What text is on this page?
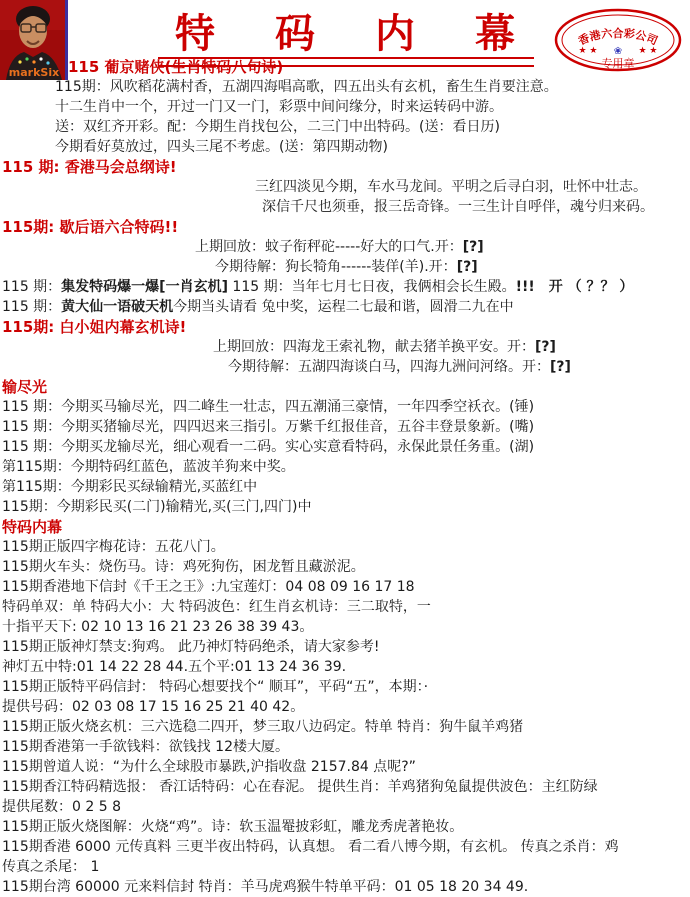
markSix
特码内幕 香港六合彩公司
★ ★ ❀ ★ ★
专用章
115 葡京赌侠(生肖特码八句诗)
115期：风吹稻花满村香，五湖四海唱高歌，四五出头有玄机，畜生生肖要注意。
十二生肖中一个，开过一门又一门，彩票中间问缘分，时来运转码中游。
送：双红齐开彩。配：今期生肖找包公，二三门中出特码。(送：看日历)
今期看好莫放过，四头三尾不考虑。(送：第四期动物)
115 期: 香港马会总纲诗!
三红四淡见今期，车水马龙间。平明之后寻白羽，吐怀中壮志。
深信千尺也须垂，报三岳奇锋。一三生计自呼伴，魂兮归来码。
115期: 歇后语六合特码!!
上期回放：蚊子衔秤砣-----好大的口气.开：[?]
今期待解：狗长犄角------装佯(羊).开：[?]
115 期：集发特码爆一爆[一肖玄机] 115 期：当年七月七日夜，我俩相会长生殿。!!!　开 （ ？？ ）
115 期：黄大仙一语破天机今期当头请看 兔中奖，运程二七最和谐，圆滑二九在中
115期: 白小姐内幕玄机诗!
上期回放：四海龙王索礼物，献去猪羊换平安。开：[?]
今期待解：五湖四海谈白马，四海九洲问河络。开：[?]
输尽光
115 期：今期买马输尽光，四二峰生一壮志，四五潮涌三豪情，一年四季空袄衣。(锤)
115 期：今期买猪输尽光，四四迟来三指引。万紫千红报佳音，五谷丰登景象新。(嘴)
115 期：今期买龙输尽光，细心观看一二码。实心实意看特码，永保此景任务重。(湖)
第115期：今期特码红蓝色，蓝波羊狗来中奖。
第115期：今期彩民买绿输精光,买蓝红中
115期：今期彩民买(二门)输精光,买(三门,四门)中
特码内幕
115期正版四字梅花诗：五花八门。
115期火车头：烧伤马。诗：鸡死狗伤，困龙暂且藏淤泥。
115期香港地下信封《千王之王》:九宝莲灯：04 08 09 16 17 18
特码单双：单 特码大小：大 特码波色：红生肖玄机诗：三二取特，一
十指平天下: 02 10 13 16 21 23 26 38 39 43。
115期正版神灯禁支:狗鸡。 此乃神灯特码绝杀，请大家参考!
神灯五中特:01 14 22 28 44.五个平:01 13 24 36 39.
115期正版特平码信封： 特码心想要找个“ 顺耳”，平码“五”，本期：·
提供号码：02 03 08 17 15 16 25 21 40 42。
115期正版火烧玄机：三六选稳二四开，梦三取八边码定。特单 特肖：狗牛鼠羊鸡猪
115期香港第一手欲钱料：欲钱找 12楼大厦。
115期曾道人说：“为什么全球股市暴跌,沪指收盘 2157.84 点呢?”
115期香江特码精选报： 香江话特码：心在春泥。 提供生肖：羊鸡猪狗兔鼠提供波色：主红防绿
提供尾数：0 2 5 8
115期正版火烧图解：火烧“鸡”。诗：软玉温罨披彩虹，雕龙秀虎著艳妆。
115期香港 6000 元传真料 三更半夜出特码，认真想。 看二看八博今期，有玄机。 传真之杀肖：鸡
传真之杀尾： 1
115期台湾 60000 元来料信封 特肖：羊马虎鸡猴牛特单平码：01 05 18 20 34 49.
